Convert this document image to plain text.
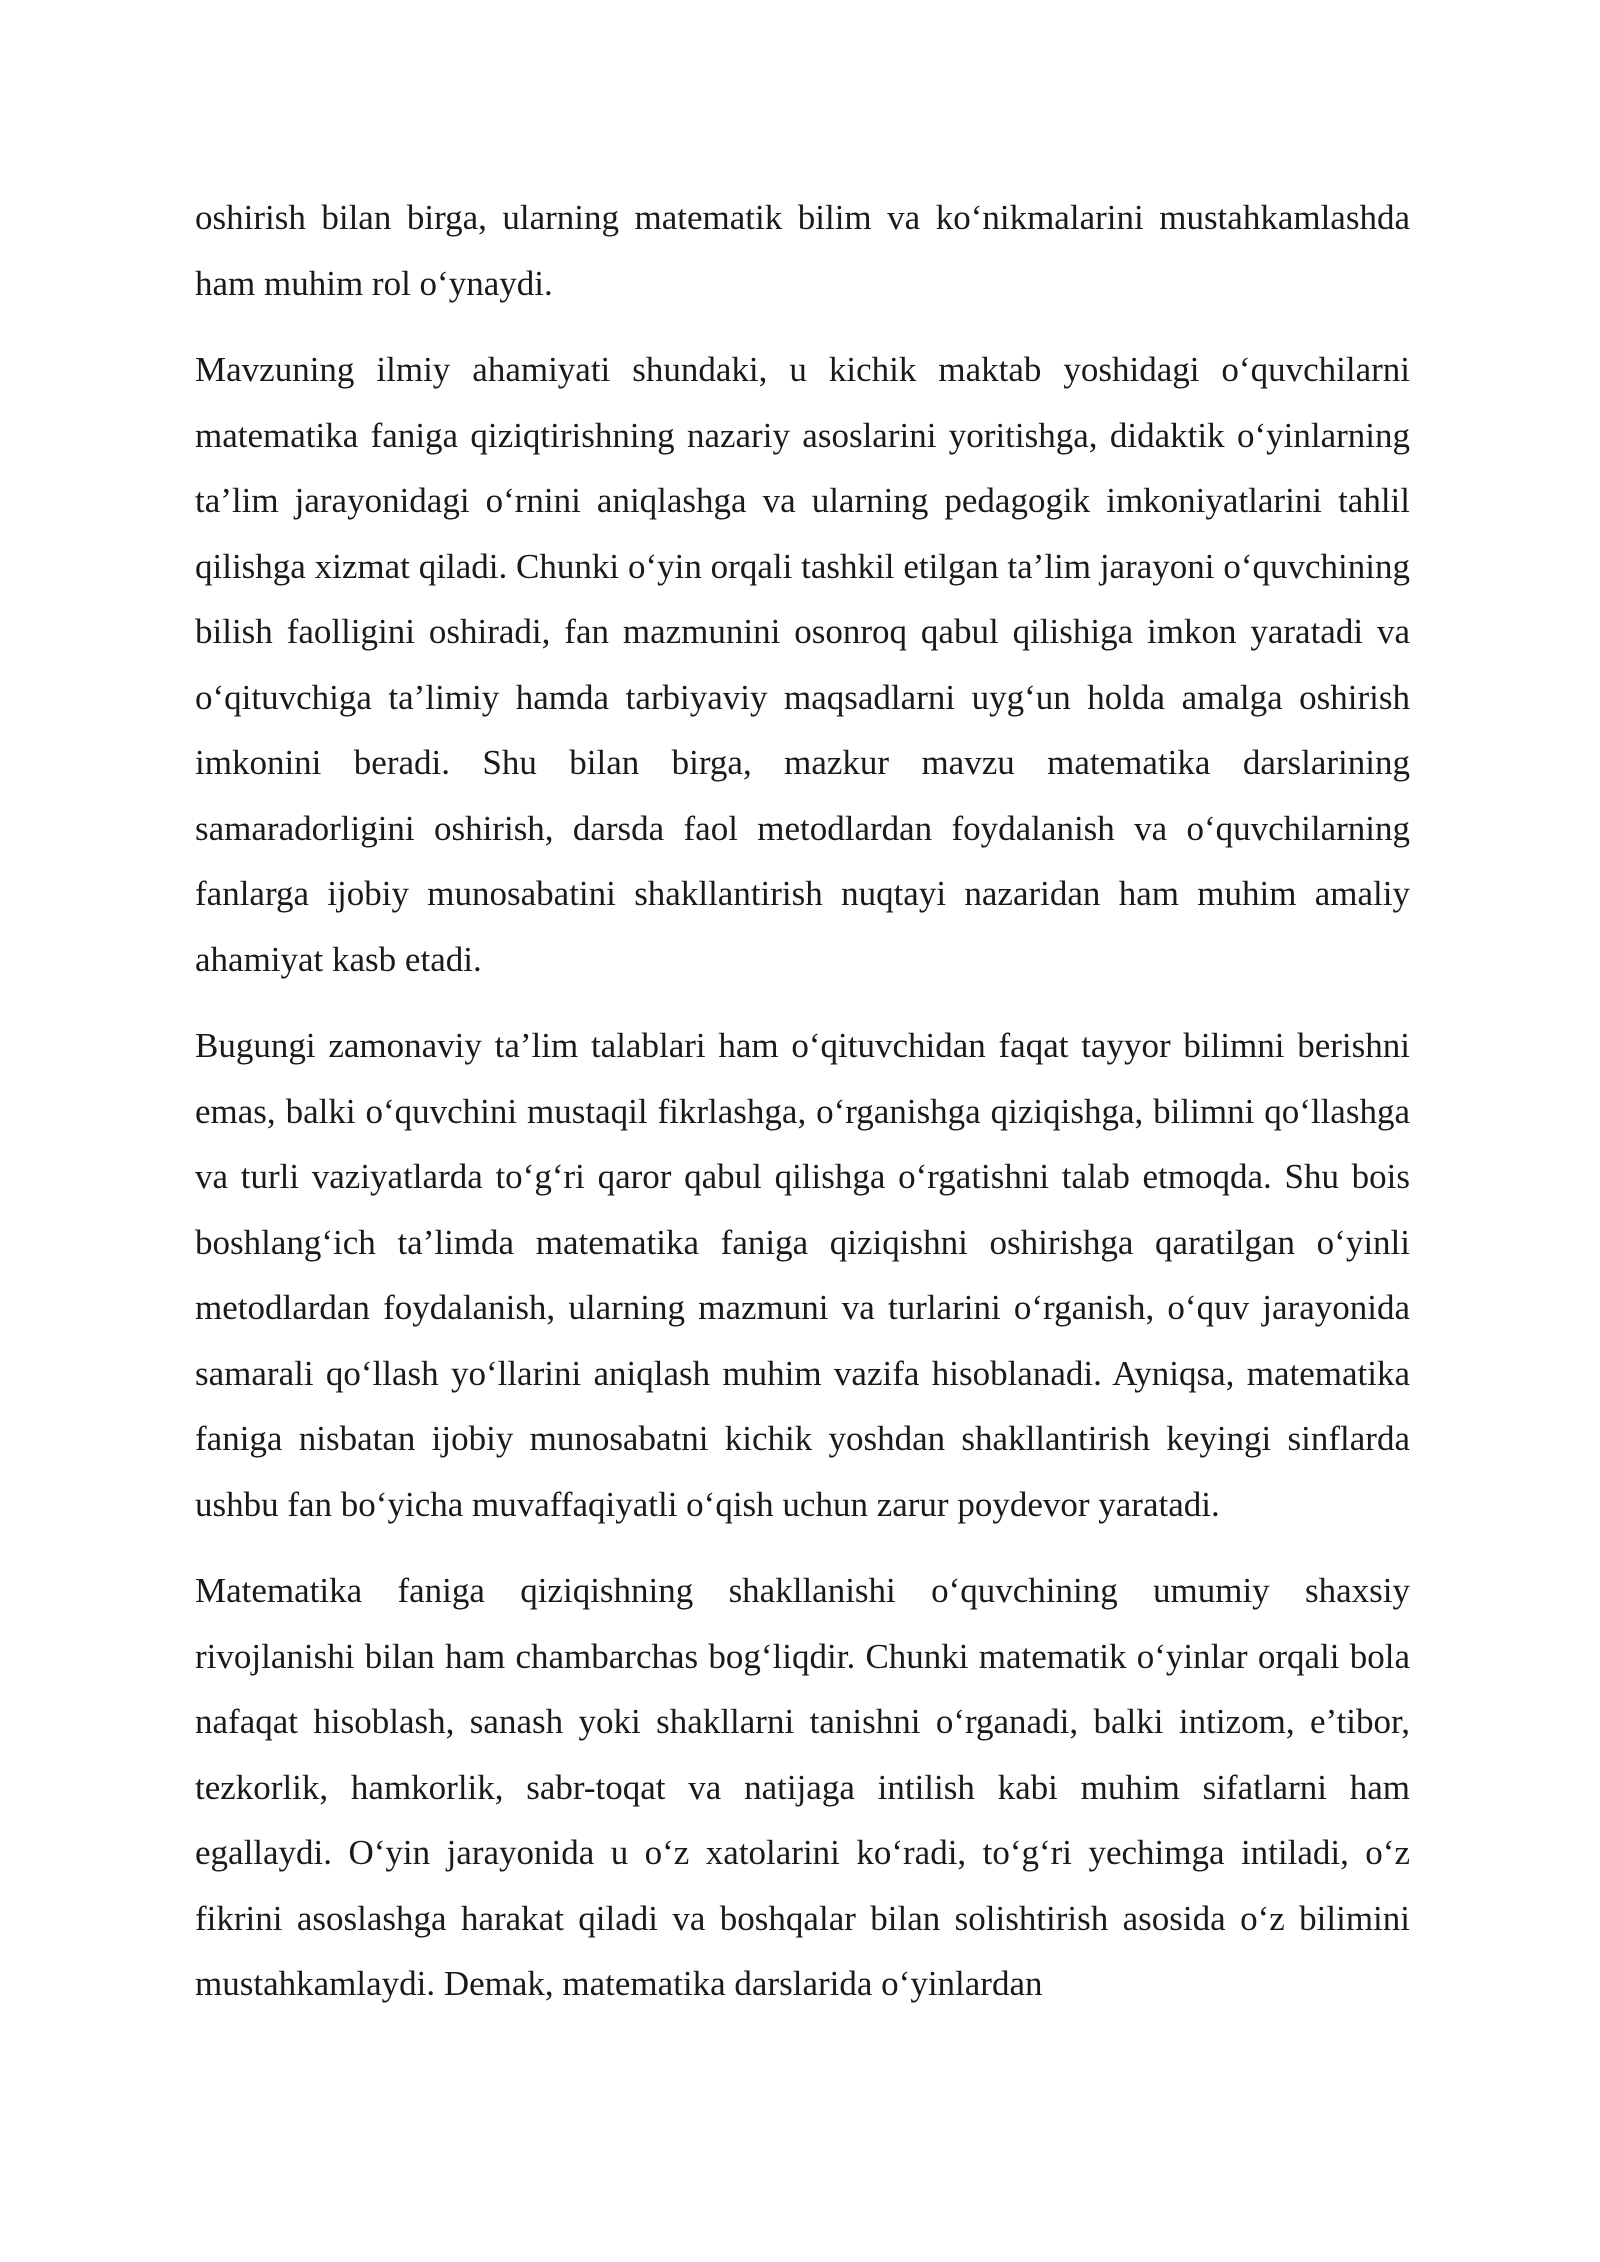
oshirish bilan birga, ularning matematik bilim va ko‘nikmalarini mustahkamlashda ham muhim rol o‘ynaydi.

Mavzuning ilmiy ahamiyati shundaki, u kichik maktab yoshidagi o‘quvchilarni matematika faniga qiziqtirishning nazariy asoslarini yoritishga, didaktik o‘yinlarning ta’lim jarayonidagi o‘rnini aniqlashga va ularning pedagogik imkoniyatlarini tahlil qilishga xizmat qiladi. Chunki o‘yin orqali tashkil etilgan ta’lim jarayoni o‘quvchining bilish faolligini oshiradi, fan mazmunini osonroq qabul qilishiga imkon yaratadi va o‘qituvchiga ta’limiy hamda tarbiyaviy maqsadlarni uyg‘un holda amalga oshirish imkonini beradi. Shu bilan birga, mazkur mavzu matematika darslarining samaradorligini oshirish, darsda faol metodlardan foydalanish va o‘quvchilarning fanlarga ijobiy munosabatini shakllantirish nuqtayi nazaridan ham muhim amaliy ahamiyat kasb etadi.

Bugungi zamonaviy ta’lim talablari ham o‘qituvchidan faqat tayyor bilimni berishni emas, balki o‘quvchini mustaqil fikrlashga, o‘rganishga qiziqishga, bilimni qo‘llashga va turli vaziyatlarda to‘g‘ri qaror qabul qilishga o‘rgatishni talab etmoqda. Shu bois boshlang‘ich ta’limda matematika faniga qiziqishni oshirishga qaratilgan o‘yinli metodlardan foydalanish, ularning mazmuni va turlarini o‘rganish, o‘quv jarayonida samarali qo‘llash yo‘llarini aniqlash muhim vazifa hisoblanadi. Ayniqsa, matematika faniga nisbatan ijobiy munosabatni kichik yoshdan shakllantirish keyingi sinflarda ushbu fan bo‘yicha muvaffaqiyatli o‘qish uchun zarur poydevor yaratadi.

Matematika faniga qiziqishning shakllanishi o‘quvchining umumiy shaxsiy rivojlanishi bilan ham chambarchas bog‘liqdir. Chunki matematik o‘yinlar orqali bola nafaqat hisoblash, sanash yoki shakllarni tanishni o‘rganadi, balki intizom, e’tibor, tezkorlik, hamkorlik, sabr-toqat va natijaga intilish kabi muhim sifatlarni ham egallaydi. O‘yin jarayonida u o‘z xatolarini ko‘radi, to‘g‘ri yechimga intiladi, o‘z fikrini asoslashga harakat qiladi va boshqalar bilan solishtirish asosida o‘z bilimini mustahkamlaydi. Demak, matematika darslarida o‘yinlardan
